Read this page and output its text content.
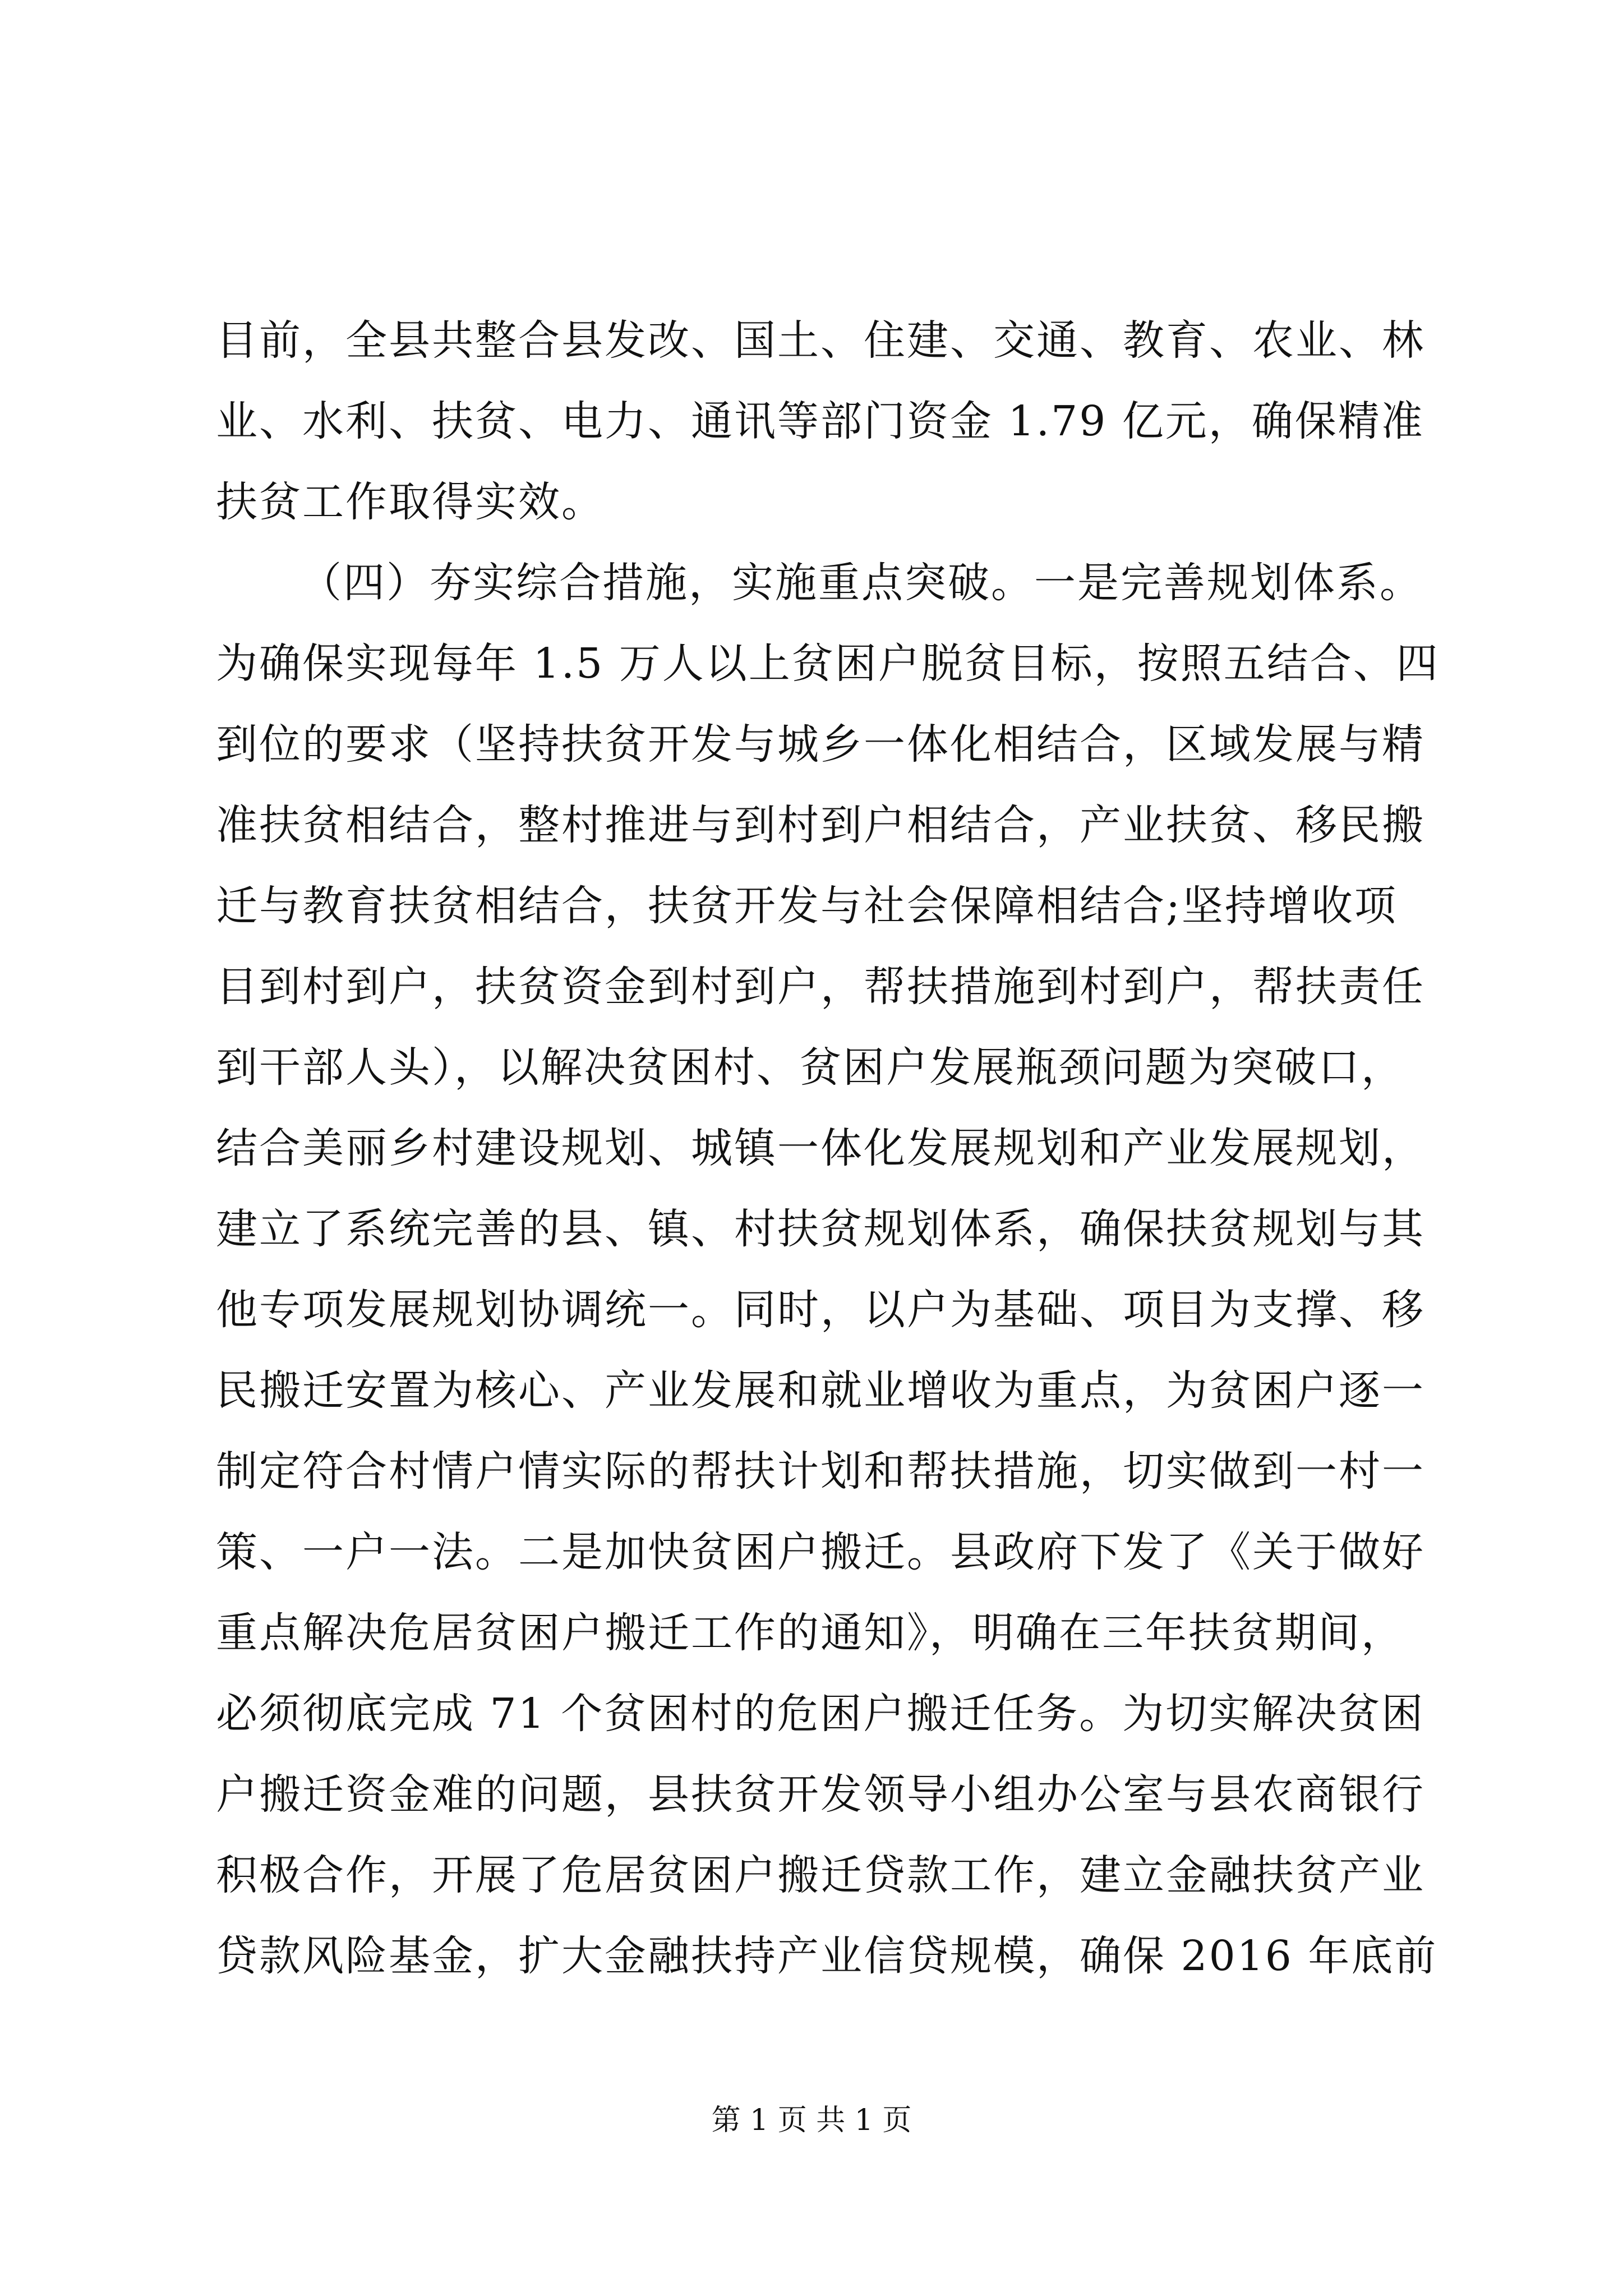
目前，全县共整合县发改、国土、住建、交通、教育、农业、林
业、水利、扶贫、电力、通讯等部门资金 1.79 亿元，确保精准
扶贫工作取得实效。
（四）夯实综合措施，实施重点突破。一是完善规划体系。
为确保实现每年 1.5 万人以上贫困户脱贫目标，按照五结合、四
到位的要求（坚持扶贫开发与城乡一体化相结合，区域发展与精
准扶贫相结合，整村推进与到村到户相结合，产业扶贫、移民搬
迁与教育扶贫相结合，扶贫开发与社会保障相结合;坚持增收项
目到村到户，扶贫资金到村到户，帮扶措施到村到户，帮扶责任
到干部人头），以解决贫困村、贫困户发展瓶颈问题为突破口，
结合美丽乡村建设规划、城镇一体化发展规划和产业发展规划，
建立了系统完善的县、镇、村扶贫规划体系，确保扶贫规划与其
他专项发展规划协调统一。同时，以户为基础、项目为支撑、移
民搬迁安置为核心、产业发展和就业增收为重点，为贫困户逐一
制定符合村情户情实际的帮扶计划和帮扶措施，切实做到一村一
策、一户一法。二是加快贫困户搬迁。县政府下发了《关于做好
重点解决危居贫困户搬迁工作的通知》，明确在三年扶贫期间，
必须彻底完成 71 个贫困村的危困户搬迁任务。为切实解决贫困
户搬迁资金难的问题，县扶贫开发领导小组办公室与县农商银行
积极合作，开展了危居贫困户搬迁贷款工作，建立金融扶贫产业
贷款风险基金，扩大金融扶持产业信贷规模，确保 2016 年底前
第 1 页 共 1 页
